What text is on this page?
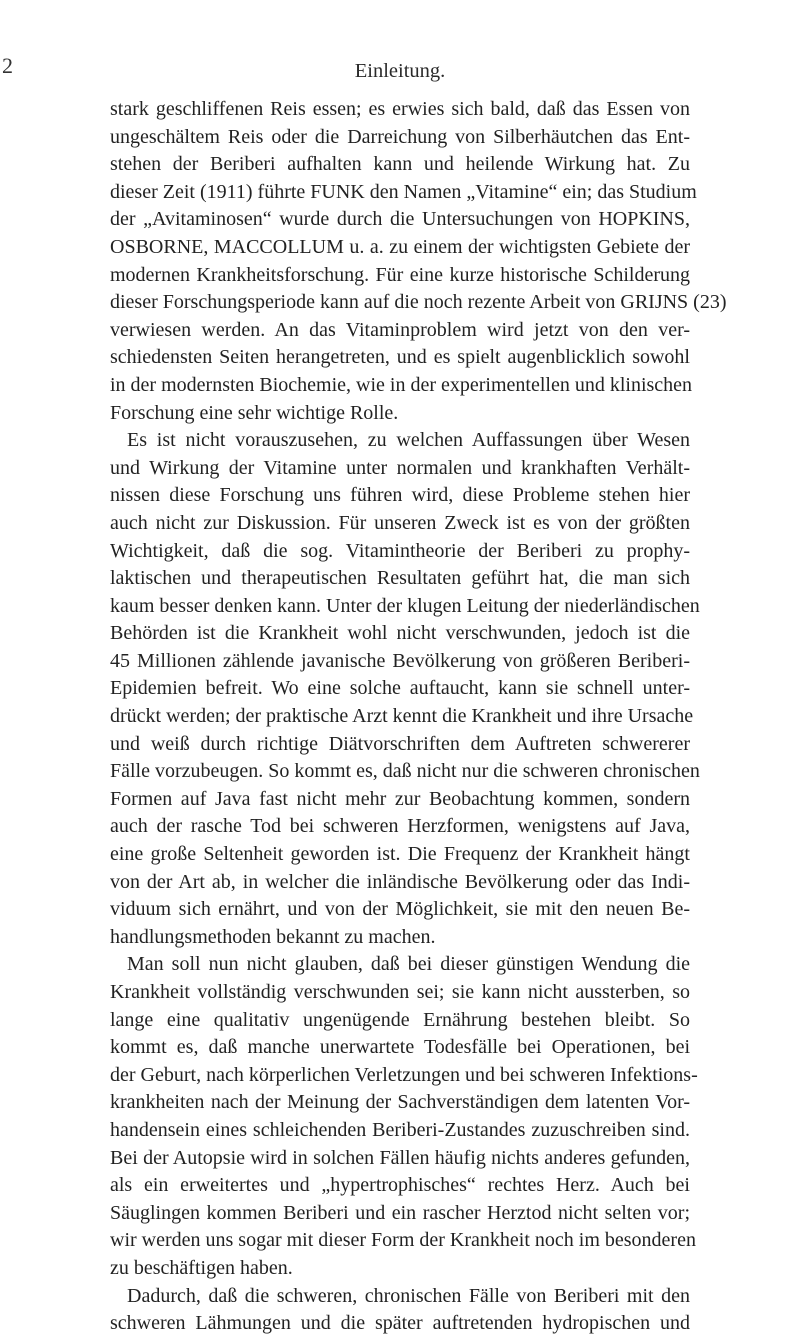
2	Einleitung.
stark geschliffenen Reis essen; es erwies sich bald, daß das Essen von
ungeschältem Reis oder die Darreichung von Silberhäutchen das Ent-
stehen der Beriberi aufhalten kann und heilende Wirkung hat. Zu
dieser Zeit (1911) führte FUNK den Namen „Vitamine“ ein; das Studium
der „Avitaminosen“ wurde durch die Untersuchungen von HOPKINS,
OSBORNE, MACCOLLUM u. a. zu einem der wichtigsten Gebiete der
modernen Krankheitsforschung. Für eine kurze historische Schilderung
dieser Forschungsperiode kann auf die noch rezente Arbeit von GRIJNS (23)
verwiesen werden. An das Vitaminproblem wird jetzt von den ver-
schiedensten Seiten herangetreten, und es spielt augenblicklich sowohl
in der modernsten Biochemie, wie in der experimentellen und klinischen
Forschung eine sehr wichtige Rolle.
Es ist nicht vorauszusehen, zu welchen Auffassungen über Wesen
und Wirkung der Vitamine unter normalen und krankhaften Verhält-
nissen diese Forschung uns führen wird, diese Probleme stehen hier
auch nicht zur Diskussion. Für unseren Zweck ist es von der größten
Wichtigkeit, daß die sog. Vitamintheorie der Beriberi zu prophy-
laktischen und therapeutischen Resultaten geführt hat, die man sich
kaum besser denken kann. Unter der klugen Leitung der niederländischen
Behörden ist die Krankheit wohl nicht verschwunden, jedoch ist die
45 Millionen zählende javanische Bevölkerung von größeren Beriberi-
Epidemien befreit. Wo eine solche auftaucht, kann sie schnell unter-
drückt werden; der praktische Arzt kennt die Krankheit und ihre Ursache
und weiß durch richtige Diätvorschriften dem Auftreten schwererer
Fälle vorzubeugen. So kommt es, daß nicht nur die schweren chronischen
Formen auf Java fast nicht mehr zur Beobachtung kommen, sondern
auch der rasche Tod bei schweren Herzformen, wenigstens auf Java,
eine große Seltenheit geworden ist. Die Frequenz der Krankheit hängt
von der Art ab, in welcher die inländische Bevölkerung oder das Indi-
viduum sich ernährt, und von der Möglichkeit, sie mit den neuen Be-
handlungsmethoden bekannt zu machen.
Man soll nun nicht glauben, daß bei dieser günstigen Wendung die
Krankheit vollständig verschwunden sei; sie kann nicht aussterben, so
lange eine qualitativ ungenügende Ernährung bestehen bleibt. So
kommt es, daß manche unerwartete Todesfälle bei Operationen, bei
der Geburt, nach körperlichen Verletzungen und bei schweren Infektions-
krankheiten nach der Meinung der Sachverständigen dem latenten Vor-
handensein eines schleichenden Beriberi-Zustandes zuzuschreiben sind.
Bei der Autopsie wird in solchen Fällen häufig nichts anderes gefunden,
als ein erweitertes und „hypertrophisches“ rechtes Herz. Auch bei
Säuglingen kommen Beriberi und ein rascher Herztod nicht selten vor;
wir werden uns sogar mit dieser Form der Krankheit noch im besonderen
zu beschäftigen haben.
Dadurch, daß die schweren, chronischen Fälle von Beriberi mit den
schweren Lähmungen und die später auftretenden hydropischen und
